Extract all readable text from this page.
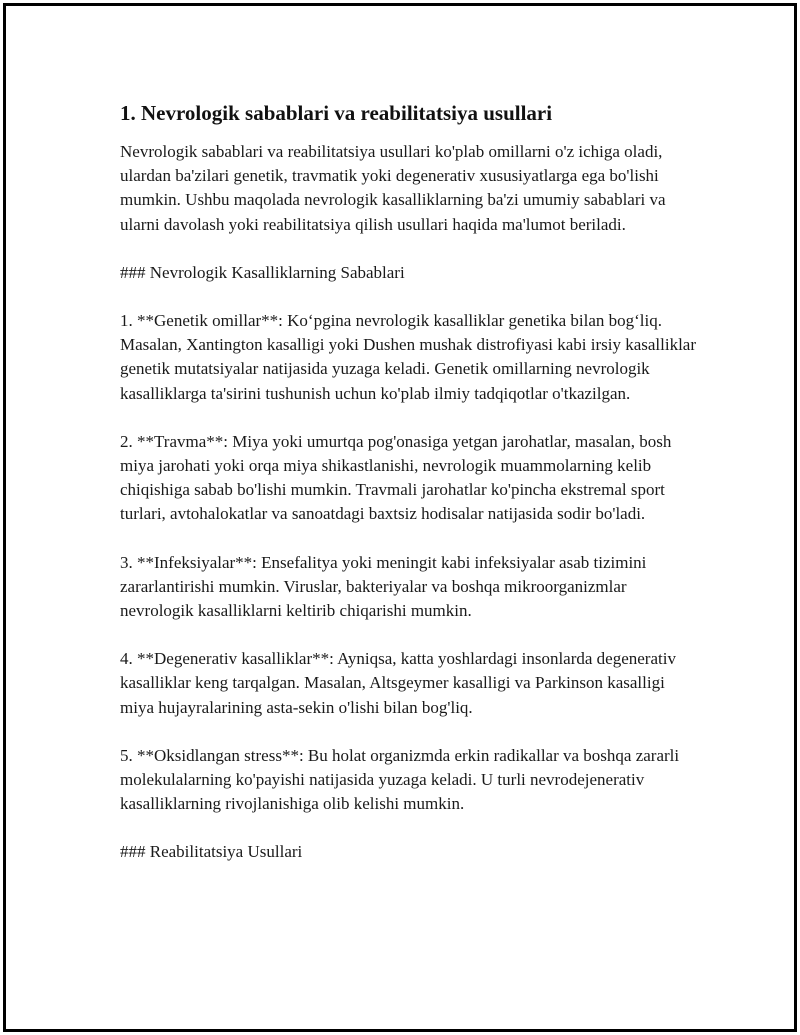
1. Nevrologik sabablari va reabilitatsiya usullari

Nevrologik sabablari va reabilitatsiya usullari ko'plab omillarni o'z ichiga oladi, ulardan ba'zilari genetik, travmatik yoki degenerativ xususiyatlarga ega bo'lishi mumkin. Ushbu maqolada nevrologik kasalliklarning ba'zi umumiy sabablari va ularni davolash yoki reabilitatsiya qilish usullari haqida ma'lumot beriladi.

### Nevrologik Kasalliklarning Sabablari

1. **Genetik omillar**: Ko‘pgina nevrologik kasalliklar genetika bilan bog‘liq. Masalan, Xantington kasalligi yoki Dushen mushak distrofiyasi kabi irsiy kasalliklar genetik mutatsiyalar natijasida yuzaga keladi. Genetik omillarning nevrologik kasalliklarga ta'sirini tushunish uchun ko'plab ilmiy tadqiqotlar o'tkazilgan.

2. **Travma**: Miya yoki umurtqa pog'onasiga yetgan jarohatlar, masalan, bosh miya jarohati yoki orqa miya shikastlanishi, nevrologik muammolarning kelib chiqishiga sabab bo'lishi mumkin. Travmali jarohatlar ko'pincha ekstremal sport turlari, avtohalokatlar va sanoatdagi baxtsiz hodisalar natijasida sodir bo'ladi.

3. **Infeksiyalar**: Ensefalitya yoki meningit kabi infeksiyalar asab tizimini zararlantirishi mumkin. Viruslar, bakteriyalar va boshqa mikroorganizmlar nevrologik kasalliklarni keltirib chiqarishi mumkin.

4. **Degenerativ kasalliklar**: Ayniqsa, katta yoshlardagi insonlarda degenerativ kasalliklar keng tarqalgan. Masalan, Altsgeymer kasalligi va Parkinson kasalligi miya hujayralarining asta-sekin o'lishi bilan bog'liq.

5. **Oksidlangan stress**: Bu holat organizmda erkin radikallar va boshqa zararli molekulalarning ko'payishi natijasida yuzaga keladi. U turli nevrodejenerativ kasalliklarning rivojlanishiga olib kelishi mumkin.

### Reabilitatsiya Usullari
